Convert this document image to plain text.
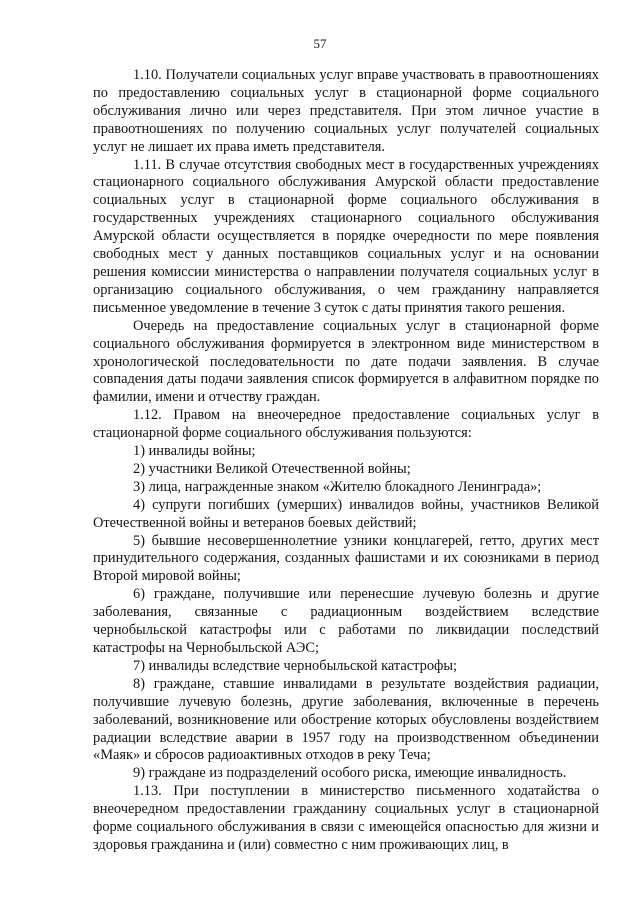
57

1.10. Получатели социальных услуг вправе участвовать в правоотношениях по предоставлению социальных услуг в стационарной форме социального обслуживания лично или через представителя. При этом личное участие в правоотношениях по получению социальных услуг получателей социальных услуг не лишает их права иметь представителя.

1.11. В случае отсутствия свободных мест в государственных учреждениях стационарного социального обслуживания Амурской области предоставление социальных услуг в стационарной форме социального обслуживания в государственных учреждениях стационарного социального обслуживания Амурской области осуществляется в порядке очередности по мере появления свободных мест у данных поставщиков социальных услуг и на основании решения комиссии министерства о направлении получателя социальных услуг в организацию социального обслуживания, о чем гражданину направляется письменное уведомление в течение 3 суток с даты принятия такого решения.

Очередь на предоставление социальных услуг в стационарной форме социального обслуживания формируется в электронном виде министерством в хронологической последовательности по дате подачи заявления. В случае совпадения даты подачи заявления список формируется в алфавитном порядке по фамилии, имени и отчеству граждан.

1.12. Правом на внеочередное предоставление социальных услуг в стационарной форме социального обслуживания пользуются:

1) инвалиды войны;

2) участники Великой Отечественной войны;

3) лица, награжденные знаком «Жителю блокадного Ленинграда»;

4) супруги погибших (умерших) инвалидов войны, участников Великой Отечественной войны и ветеранов боевых действий;

5) бывшие несовершеннолетние узники концлагерей, гетто, других мест принудительного содержания, созданных фашистами и их союзниками в период Второй мировой войны;

6) граждане, получившие или перенесшие лучевую болезнь и другие заболевания, связанные с радиационным воздействием вследствие чернобыльской катастрофы или с работами по ликвидации последствий катастрофы на Чернобыльской АЭС;

7) инвалиды вследствие чернобыльской катастрофы;

8) граждане, ставшие инвалидами в результате воздействия радиации, получившие лучевую болезнь, другие заболевания, включенные в перечень заболеваний, возникновение или обострение которых обусловлены воздействием радиации вследствие аварии в 1957 году на производственном объединении «Маяк» и сбросов радиоактивных отходов в реку Теча;

9) граждане из подразделений особого риска, имеющие инвалидность.

1.13. При поступлении в министерство письменного ходатайства о внеочередном предоставлении гражданину социальных услуг в стационарной форме социального обслуживания в связи с имеющейся опасностью для жизни и здоровья гражданина и (или) совместно с ним проживающих лиц, в
